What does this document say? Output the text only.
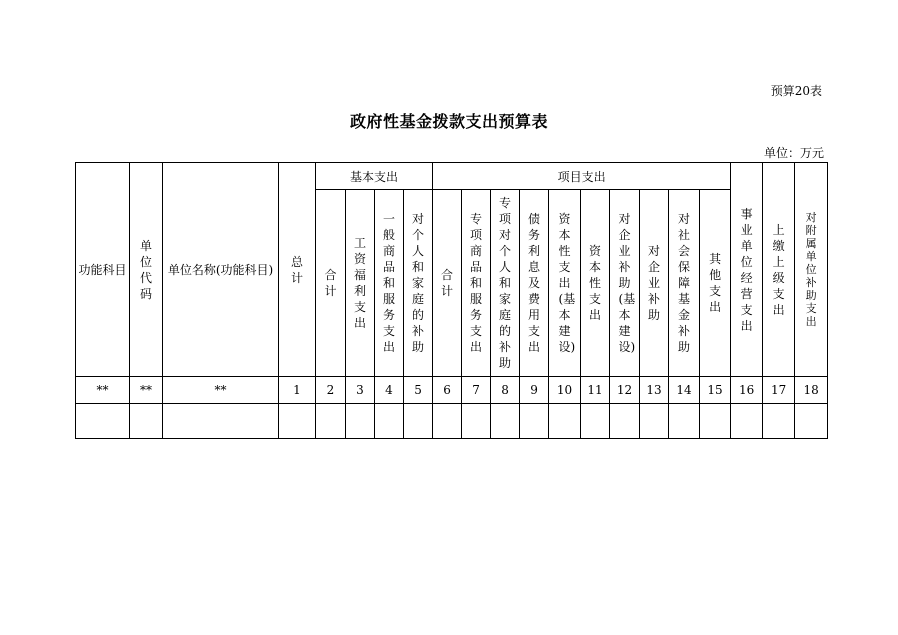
预算20表
政府性基金拨款支出预算表
单位：万元
功能科目	单位代码	单位名称(功能科目)	总计	基本支出				项目支出										事业单位经营支出	上缴上级支出	对附属单位补助支出
				合计	工资福利支出	一般商品和服务支出	对个人和家庭的补助	合计	专项商品和服务支出	专项对个人和家庭的补助	债务利息及费用支出	资本性支出(基本建设)	资本性支出	对企业补助(基本建设)	对企业补助	对社会保障基金补助	其他支出			
**	**	**	1	2	3	4	5	6	7	8	9	10	11	12	13	14	15	16	17	18
